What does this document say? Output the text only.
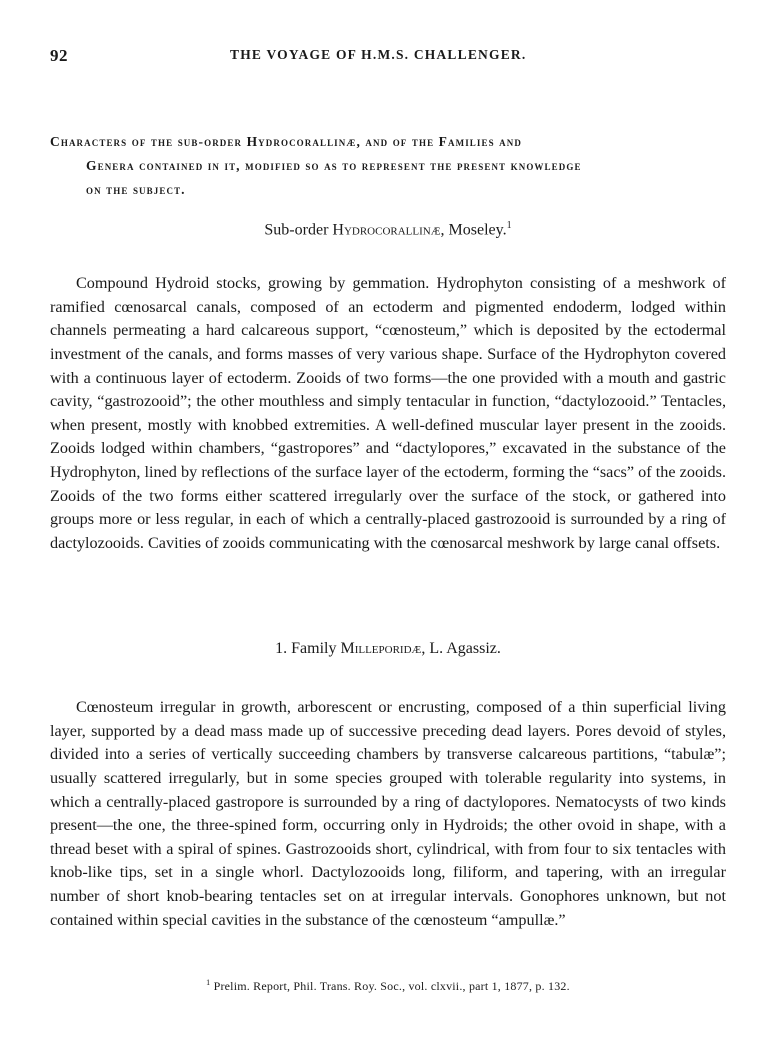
92	THE VOYAGE OF H.M.S. CHALLENGER.
Characters of the sub-order Hydrocorallinæ, and of the Families and
Genera contained in it, modified so as to represent the present knowledge
on the subject.
Sub-order Hydrocorallinæ, Moseley.$^1$

Compound Hydroid stocks, growing by gemmation. Hydrophyton consisting of a meshwork of ramified cœnosarcal canals, composed of an ectoderm and pigmented endoderm, lodged within channels permeating a hard calcareous support, “cœnosteum,” which is deposited by the ectodermal investment of the canals, and forms masses of very various shape. Surface of the Hydrophyton covered with a continuous layer of ectoderm. Zooids of two forms—the one provided with a mouth and gastric cavity, “gastrozooid”; the other mouthless and simply tentacular in function, “dactylozooid.” Tentacles, when present, mostly with knobbed extremities. A well-defined muscular layer present in the zooids. Zooids lodged within chambers, “gastropores” and “dactylopores,” excavated in the substance of the Hydrophyton, lined by reflections of the surface layer of the ectoderm, forming the “sacs” of the zooids. Zooids of the two forms either scattered irregularly over the surface of the stock, or gathered into groups more or less regular, in each of which a centrally-placed gastrozooid is surrounded by a ring of dactylozooids. Cavities of zooids communicating with the cœnosarcal meshwork by large canal offsets.

1. Family Milleporidæ, L. Agassiz.

Cœnosteum irregular in growth, arborescent or encrusting, composed of a thin superficial living layer, supported by a dead mass made up of successive preceding dead layers. Pores devoid of styles, divided into a series of vertically succeeding chambers by transverse calcareous partitions, “tabulæ”; usually scattered irregularly, but in some species grouped with tolerable regularity into systems, in which a centrally-placed gastropore is surrounded by a ring of dactylopores. Nematocysts of two kinds present—the one, the three-spined form, occurring only in Hydroids; the other ovoid in shape, with a thread beset with a spiral of spines. Gastrozooids short, cylindrical, with from four to six tentacles with knob-like tips, set in a single whorl. Dactylozooids long, filiform, and tapering, with an irregular number of short knob-bearing tentacles set on at irregular intervals. Gonophores unknown, but not contained within special cavities in the substance of the cœnosteum “ampullæ.”

$^1$ Prelim. Report, Phil. Trans. Roy. Soc., vol. clxvii., part 1, 1877, p. 132.
